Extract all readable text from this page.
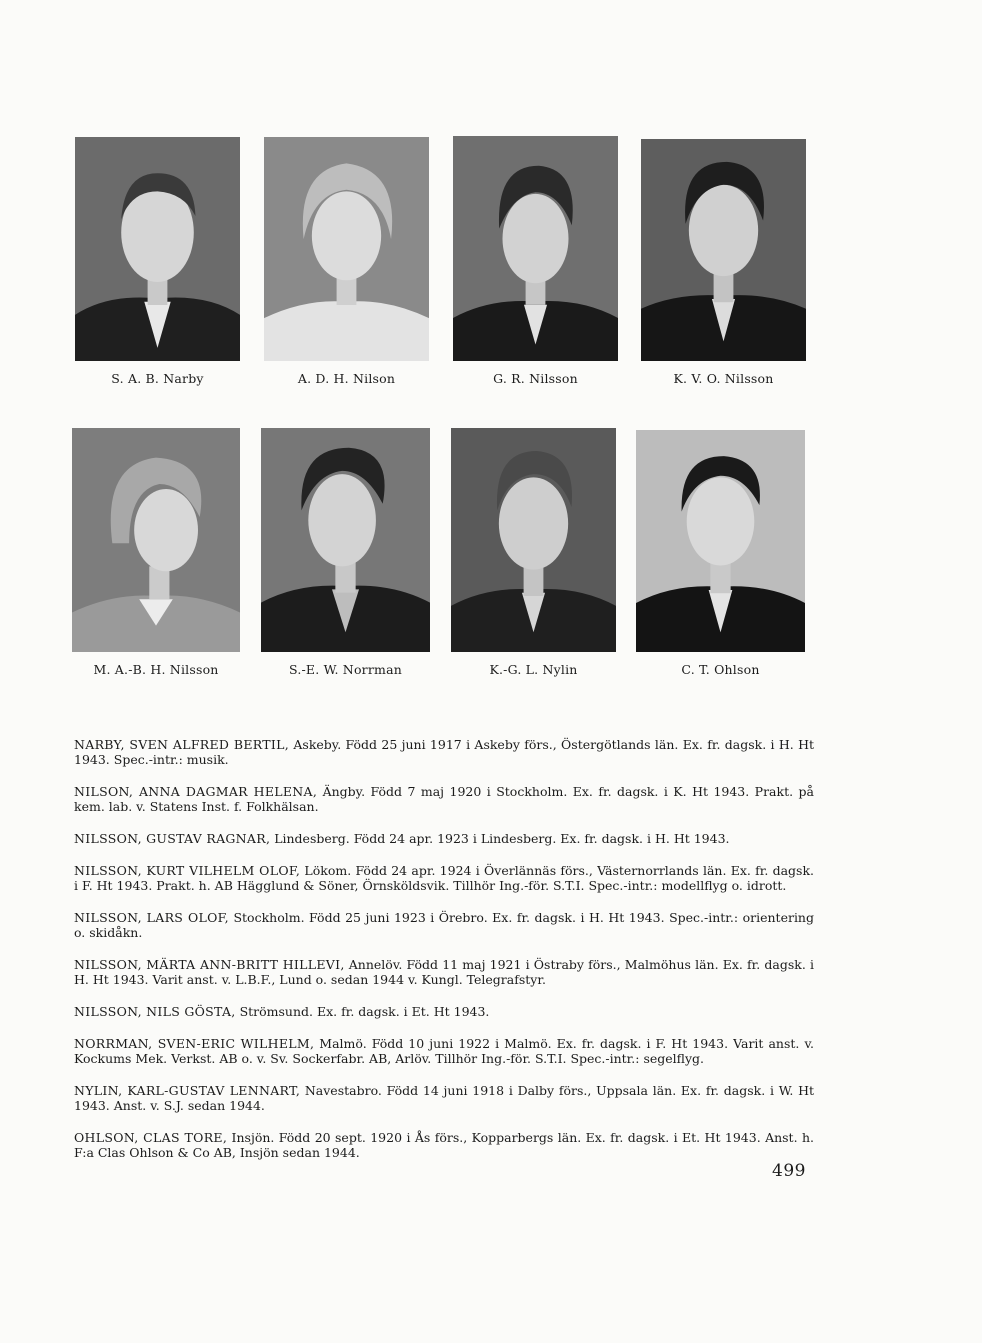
S. A. B. Narby	A. D. H. Nilson	G. R. Nilsson	K. V. O. Nilsson
M. A.-B. H. Nilsson	S.-E. W. Norrman	K.-G. L. Nylin	C. T. Ohlson

NARBY, SVEN ALFRED BERTIL, Askeby. Född 25 juni 1917 i Askeby förs., Östergötlands län. Ex. fr. dagsk. i H. Ht 1943. Spec.-intr.: musik.

NILSON, ANNA DAGMAR HELENA, Ängby. Född 7 maj 1920 i Stockholm. Ex. fr. dagsk. i K. Ht 1943. Prakt. på kem. lab. v. Statens Inst. f. Folkhälsan.

NILSSON, GUSTAV RAGNAR, Lindesberg. Född 24 apr. 1923 i Lindesberg. Ex. fr. dagsk. i H. Ht 1943.

NILSSON, KURT VILHELM OLOF, Lökom. Född 24 apr. 1924 i Överlännäs förs., Västernorrlands län. Ex. fr. dagsk. i F. Ht 1943. Prakt. h. AB Hägglund & Söner, Örnsköldsvik. Tillhör Ing.-för. S.T.I. Spec.-intr.: modellflyg o. idrott.

NILSSON, LARS OLOF, Stockholm. Född 25 juni 1923 i Örebro. Ex. fr. dagsk. i H. Ht 1943. Spec.-intr.: orientering o. skidåkn.

NILSSON, MÄRTA ANN-BRITT HILLEVI, Annelöv. Född 11 maj 1921 i Östraby förs., Malmöhus län. Ex. fr. dagsk. i H. Ht 1943. Varit anst. v. L.B.F., Lund o. sedan 1944 v. Kungl. Telegrafstyr.

NILSSON, NILS GÖSTA, Strömsund. Ex. fr. dagsk. i Et. Ht 1943.

NORRMAN, SVEN-ERIC WILHELM, Malmö. Född 10 juni 1922 i Malmö. Ex. fr. dagsk. i F. Ht 1943. Varit anst. v. Kockums Mek. Verkst. AB o. v. Sv. Sockerfabr. AB, Arlöv. Tillhör Ing.-för. S.T.I. Spec.-intr.: segelflyg.

NYLIN, KARL-GUSTAV LENNART, Navestabro. Född 14 juni 1918 i Dalby förs., Uppsala län. Ex. fr. dagsk. i W. Ht 1943. Anst. v. S.J. sedan 1944.

OHLSON, CLAS TORE, Insjön. Född 20 sept. 1920 i Ås förs., Kopparbergs län. Ex. fr. dagsk. i Et. Ht 1943. Anst. h. F:a Clas Ohlson & Co AB, Insjön sedan 1944.

499
